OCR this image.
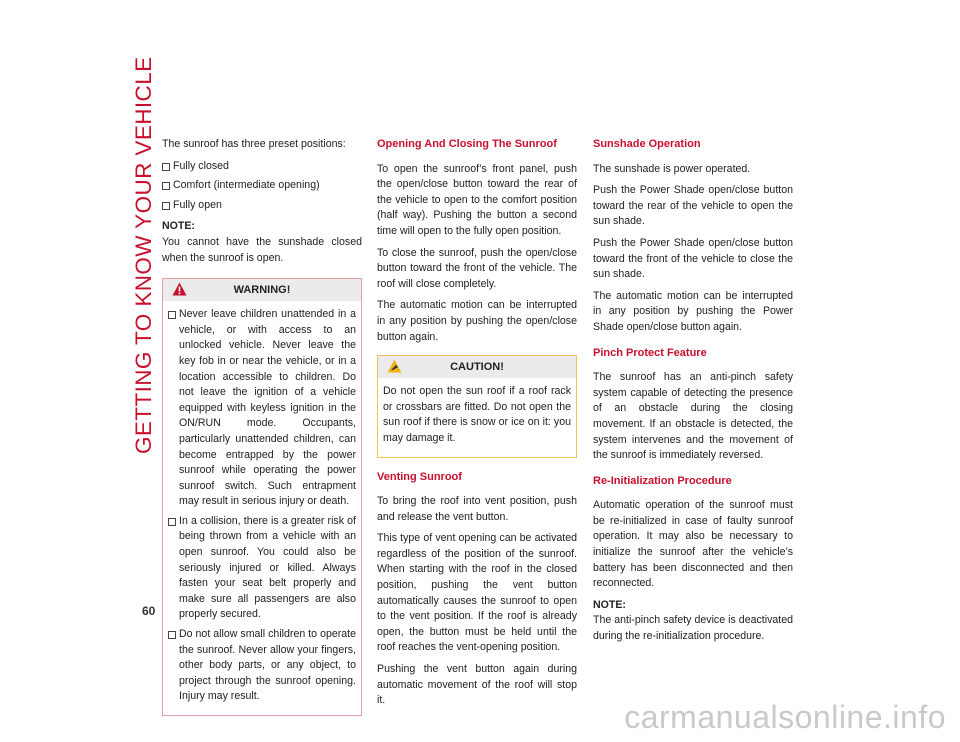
GETTING TO KNOW YOUR VEHICLE
60

The sunroof has three preset positions:

Fully closed
Comfort (intermediate opening)
Fully open
NOTE:

You cannot have the sunshade closed when the sunroof is open.

WARNING!
Never leave children unattended in a vehicle, or with access to an unlocked vehicle. Never leave the key fob in or near the vehicle, or in a location accessible to children. Do not leave the ignition of a vehicle equipped with keyless ignition in the ON/RUN mode. Occupants, particularly unattended children, can become entrapped by the power sunroof while operating the power sunroof switch. Such entrapment may result in serious injury or death.
In a collision, there is a greater risk of being thrown from a vehicle with an open sunroof. You could also be seriously injured or killed. Always fasten your seat belt properly and make sure all passengers are also properly secured.
Do not allow small children to operate the sunroof. Never allow your fingers, other body parts, or any object, to project through the sunroof opening. Injury may result.
Opening And Closing The Sunroof

To open the sunroof’s front panel, push the open/close button toward the rear of the vehicle to open to the comfort position (half way). Pushing the button a second time will open to the fully open position.

To close the sunroof, push the open/close button toward the front of the vehicle. The roof will close completely.

The automatic motion can be interrupted in any position by pushing the open/close button again.

CAUTION!

Do not open the sun roof if a roof rack or crossbars are fitted. Do not open the sun roof if there is snow or ice on it: you may damage it.

Venting Sunroof

To bring the roof into vent position, push and release the vent button.

This type of vent opening can be activated regardless of the position of the sunroof. When starting with the roof in the closed position, pushing the vent button automatically causes the sunroof to open to the vent position. If the roof is already open, the button must be held until the roof reaches the vent-opening position.

Pushing the vent button again during automatic movement of the roof will stop it.

Sunshade Operation

The sunshade is power operated.

Push the Power Shade open/close button toward the rear of the vehicle to open the sun shade.

Push the Power Shade open/close button toward the front of the vehicle to close the sun shade.

The automatic motion can be interrupted in any position by pushing the Power Shade open/close button again.

Pinch Protect Feature

The sunroof has an anti-pinch safety system capable of detecting the presence of an obstacle during the closing movement. If an obstacle is detected, the system intervenes and the movement of the sunroof is immediately reversed.

Re-Initialization Procedure

Automatic operation of the sunroof must be re-initialized in case of faulty sunroof operation. It may also be necessary to initialize the sunroof after the vehicle’s battery has been disconnected and then reconnected.

NOTE:

The anti-pinch safety device is deactivated during the re-initialization procedure.

carmanualsonline.info
